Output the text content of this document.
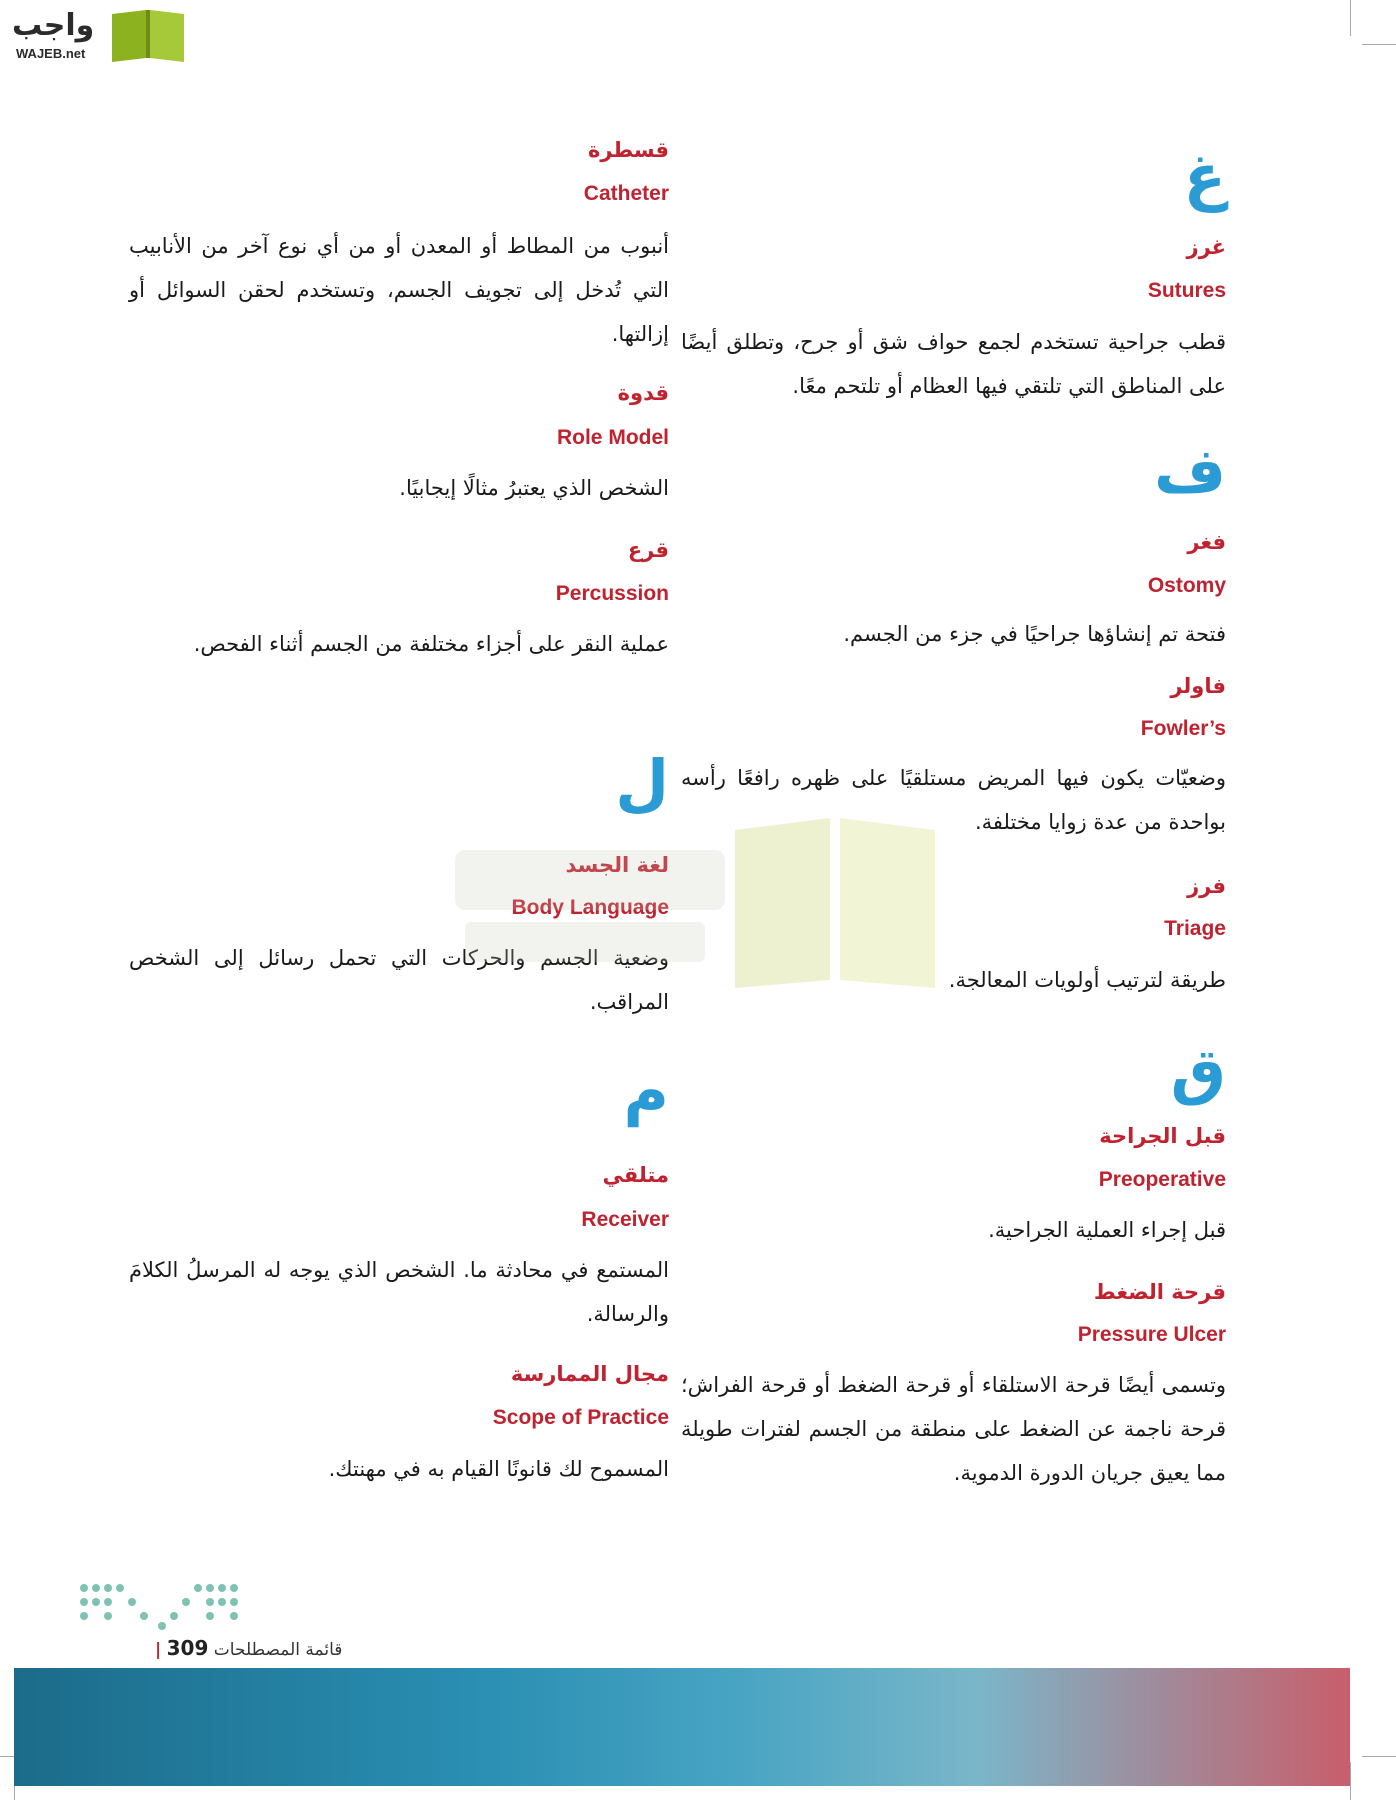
واجب
WAJEB.net
غ
غرز
Sutures
قطب جراحية تستخدم لجمع حواف شق أو جرح، وتطلق أيضًا على المناطق التي تلتقي فيها العظام أو تلتحم معًا.
ف
فغر
Ostomy
فتحة تم إنشاؤها جراحيًا في جزء من الجسم.
فاولر
Fowler’s
وضعيّات يكون فيها المريض مستلقيًا على ظهره رافعًا رأسه بواحدة من عدة زوايا مختلفة.
فرز
Triage
طريقة لترتيب أولويات المعالجة.
ق
قبل الجراحة
Preoperative
قبل إجراء العملية الجراحية.
قرحة الضغط
Pressure Ulcer
وتسمى أيضًا قرحة الاستلقاء أو قرحة الضغط أو قرحة الفراش؛ قرحة ناجمة عن الضغط على منطقة من الجسم لفترات طويلة مما يعيق جريان الدورة الدموية.
قسطرة
Catheter
أنبوب من المطاط أو المعدن أو من أي نوع آخر من الأنابيب التي تُدخل إلى تجويف الجسم، وتستخدم لحقن السوائل أو إزالتها.
قدوة
Role Model
الشخص الذي يعتبرُ مثالًا إيجابيًا.
قرع
Percussion
عملية النقر على أجزاء مختلفة من الجسم أثناء الفحص.
ل
لغة الجسد
Body Language
وضعية الجسم والحركات التي تحمل رسائل إلى الشخص المراقب.
م
متلقي
Receiver
المستمع في محادثة ما. الشخص الذي يوجه له المرسلُ الكلامَ والرسالة.
مجال الممارسة
Scope of Practice
المسموح لك قانونًا القيام به في مهنتك.
قائمة المصطلحات 309 |
